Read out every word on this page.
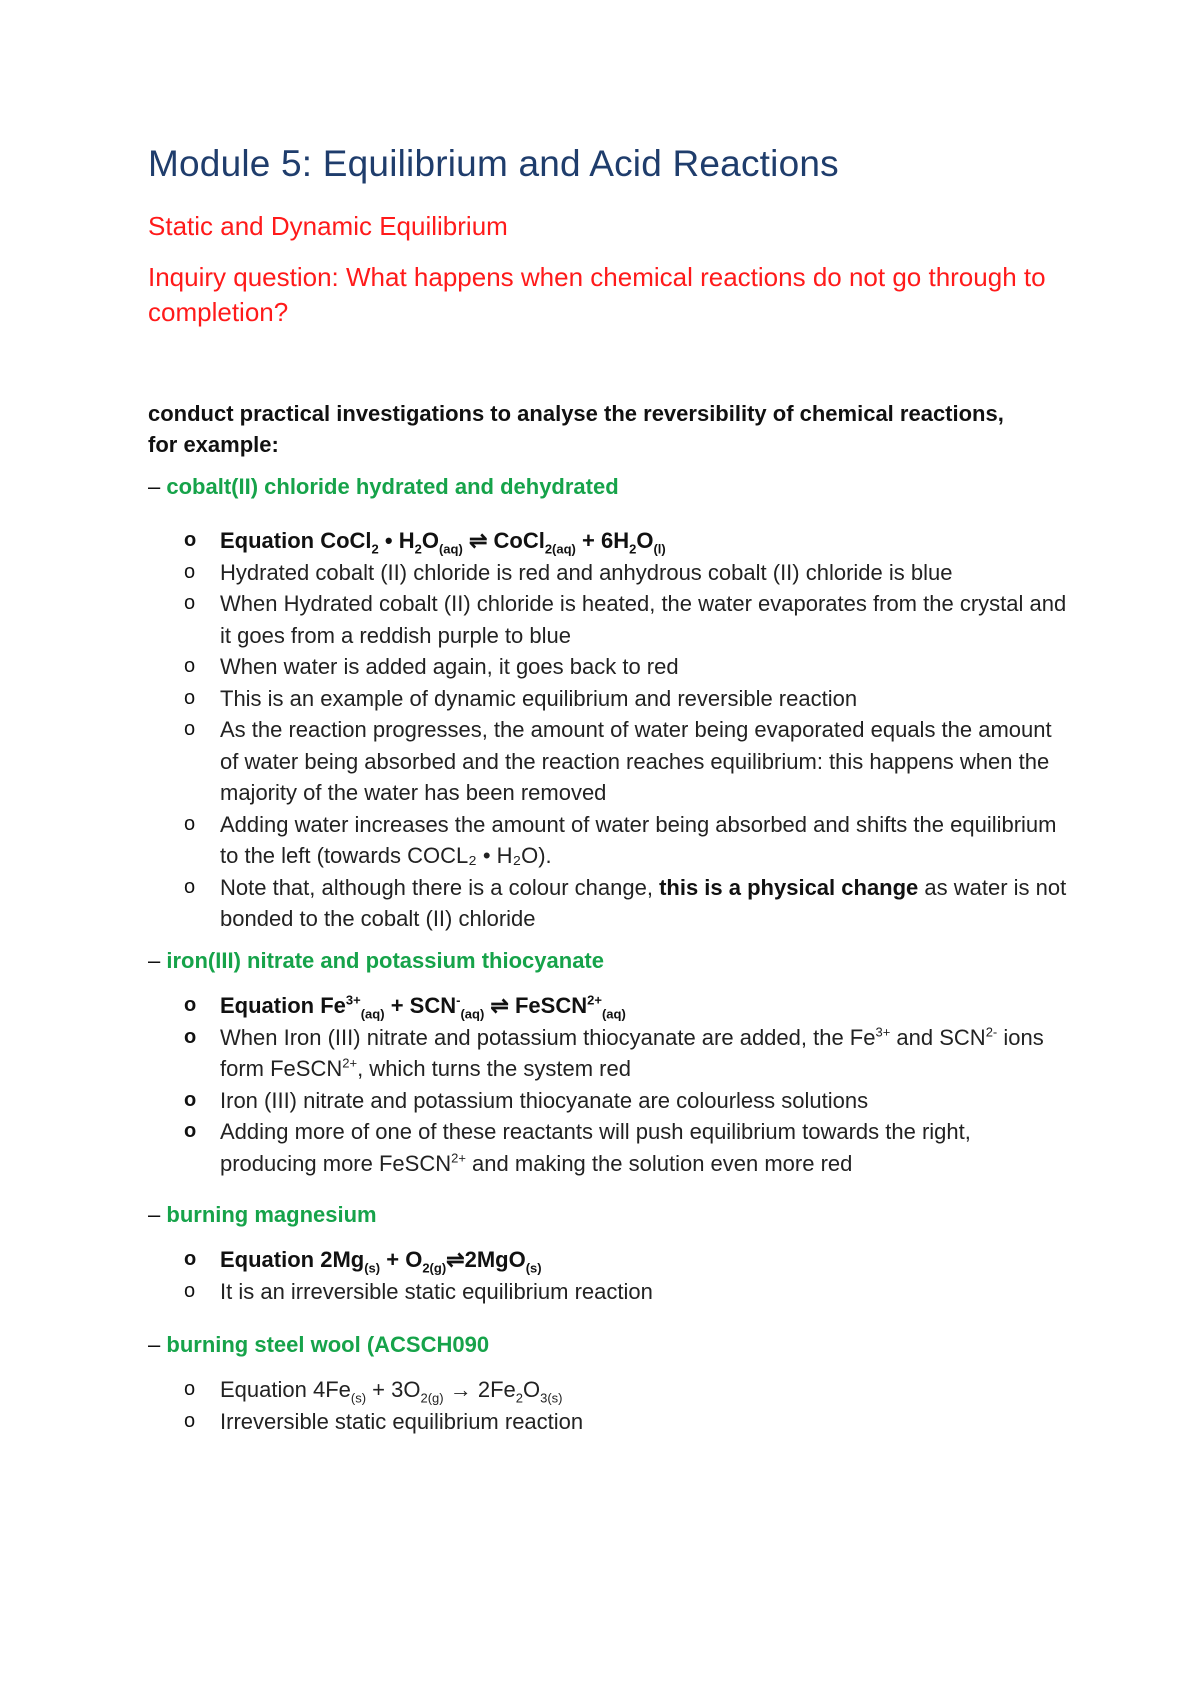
Module 5: Equilibrium and Acid Reactions
Static and Dynamic Equilibrium
Inquiry question: What happens when chemical reactions do not go through to completion?

conduct practical investigations to analyse the reversibility of chemical reactions, for example:

– cobalt(II) chloride hydrated and dehydrated

o Equation CoCl$_2$ • $H_2O_{(aq)}$ ⇌ CoCl$_{2(aq)}$ + $6H_2O_{(l)}$
o Hydrated cobalt (II) chloride is red and anhydrous cobalt (II) chloride is blue
o When Hydrated cobalt (II) chloride is heated, the water evaporates from the crystal and it goes from a reddish purple to blue
o When water is added again, it goes back to red
o This is an example of dynamic equilibrium and reversible reaction
o As the reaction progresses, the amount of water being evaporated equals the amount of water being absorbed and the reaction reaches equilibrium: this happens when the majority of the water has been removed
o Adding water increases the amount of water being absorbed and shifts the equilibrium to the left (towards COCL₂ • H₂O).
o Note that, although there is a colour change, this is a physical change as water is not bonded to the cobalt (II) chloride

– iron(III) nitrate and potassium thiocyanate

o Equation $Fe^{3+}_{(aq)} + SCN^-_{(aq)}$ ⇌ FeSCN$^{2+}_{(aq)}$
o When Iron (III) nitrate and potassium thiocyanate are added, the $Fe^{3+}$ and $SCN^{2-}$ ions form FeSCN$^{2+}$, which turns the system red
o Iron (III) nitrate and potassium thiocyanate are colourless solutions
o Adding more of one of these reactants will push equilibrium towards the right, producing more FeSCN$^{2+}$ and making the solution even more red

– burning magnesium

o Equation $2Mg_{(s)}$ + $O_{2(g)}\rightleftharpoons 2MgO_{(s)}$
o It is an irreversible static equilibrium reaction

– burning steel wool (ACSCH090

o Equation $4Fe_{(s)} + 3O_{2(g)} \to 2Fe_2O_{3(s)}$
o Irreversible static equilibrium reaction
